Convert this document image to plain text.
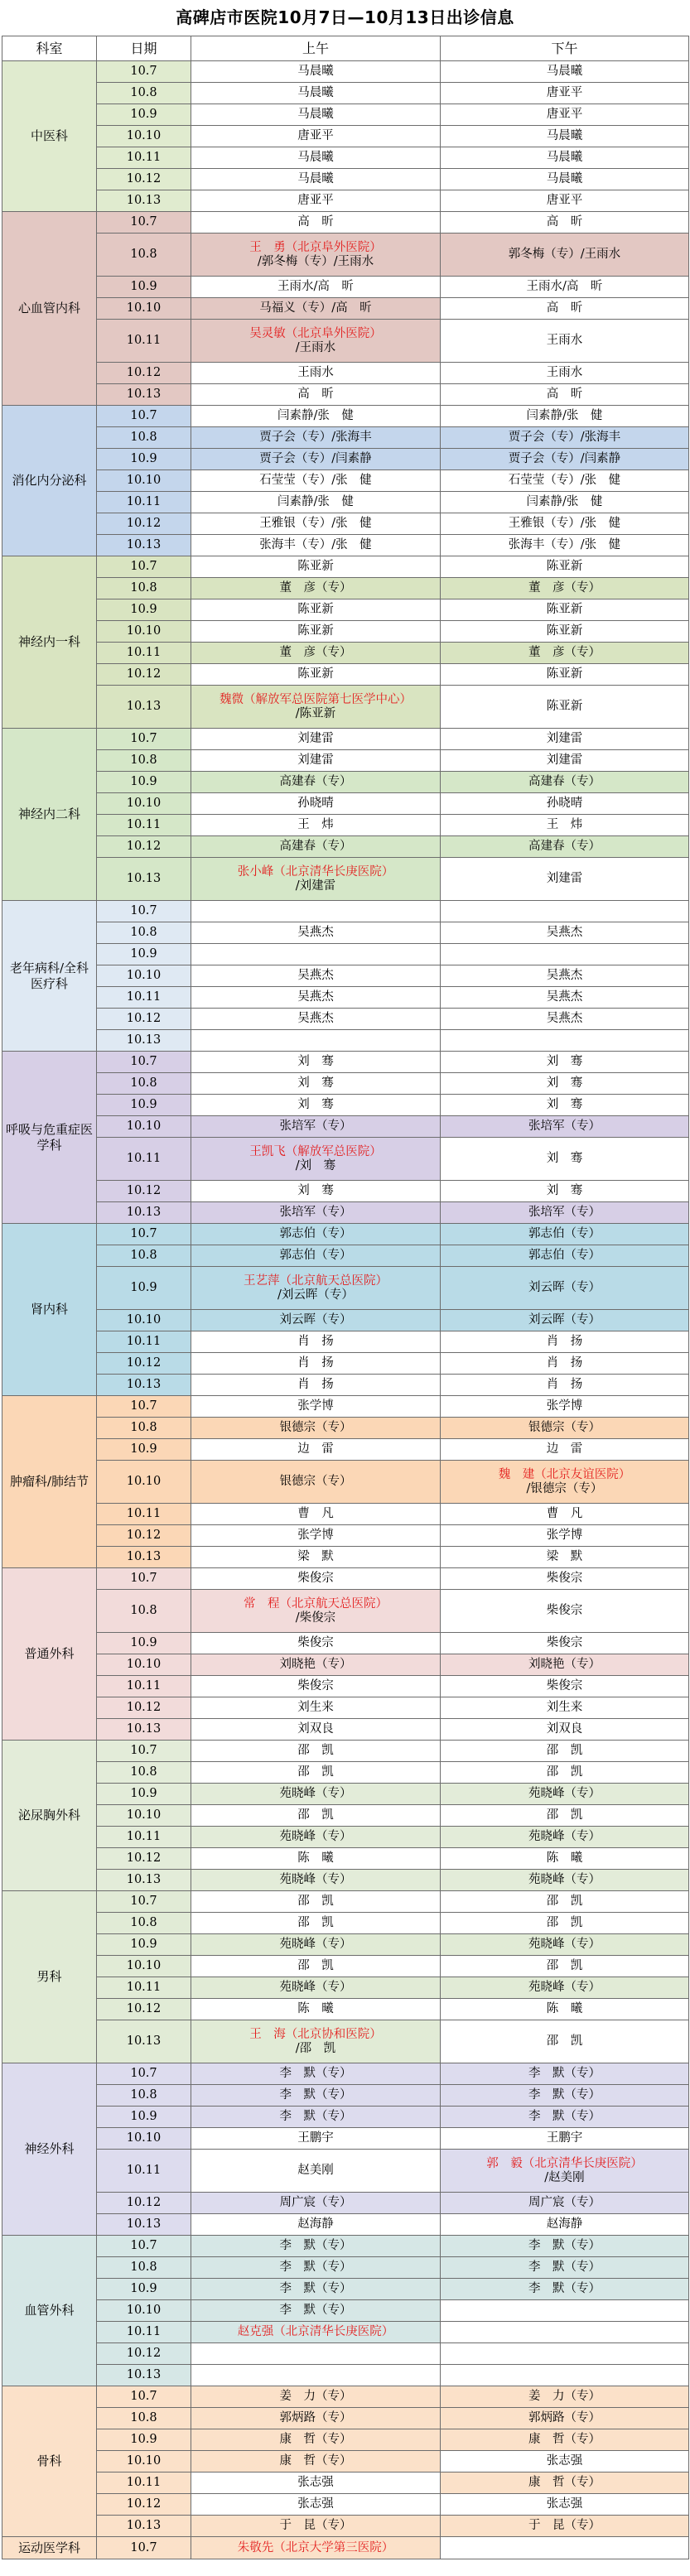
高碑店市医院10月7日—10月13日出诊信息
科室	日期	上午	下午
中医科	10.7	马晨曦	马晨曦

	10.8	马晨曦	唐亚平

	10.9	马晨曦	唐亚平

	10.10	唐亚平	马晨曦

	10.11	马晨曦	马晨曦

	10.12	马晨曦	马晨曦

	10.13	唐亚平	唐亚平

心血管内科	10.7	高　昕	高　昕

	10.8	王　勇（北京阜外医院）
/郭冬梅（专）/王雨水	郭冬梅（专）/王雨水

	10.9	王雨水/高　昕	王雨水/高　昕

	10.10	马福义（专）/高　昕	高　昕

	10.11	吴灵敏（北京阜外医院）
/王雨水	王雨水

	10.12	王雨水	王雨水

	10.13	高　昕	高　昕

消化内分泌科	10.7	闫素静/张　健	闫素静/张　健

	10.8	贾子会（专）/张海丰	贾子会（专）/张海丰

	10.9	贾子会（专）/闫素静	贾子会（专）/闫素静

	10.10	石莹莹（专）/张　健	石莹莹（专）/张　健

	10.11	闫素静/张　健	闫素静/张　健

	10.12	王雅银（专）/张　健	王雅银（专）/张　健

	10.13	张海丰（专）/张　健	张海丰（专）/张　健

神经内一科	10.7	陈亚新	陈亚新

	10.8	董　彦（专）	董　彦（专）

	10.9	陈亚新	陈亚新

	10.10	陈亚新	陈亚新

	10.11	董　彦（专）	董　彦（专）

	10.12	陈亚新	陈亚新

	10.13	魏微（解放军总医院第七医学中心）
/陈亚新	陈亚新

神经内二科	10.7	刘建雷	刘建雷

	10.8	刘建雷	刘建雷

	10.9	高建春（专）	高建春（专）

	10.10	孙晓晴	孙晓晴

	10.11	王　炜	王　炜

	10.12	高建春（专）	高建春（专）

	10.13	张小峰（北京清华长庚医院）
/刘建雷	刘建雷

老年病科/全科医疗科	10.7	

	10.8	吴燕杰	吴燕杰

	10.9	

	10.10	吴燕杰	吴燕杰

	10.11	吴燕杰	吴燕杰

	10.12	吴燕杰	吴燕杰

	10.13	

呼吸与危重症医学科	10.7	刘　骞	刘　骞

	10.8	刘　骞	刘　骞

	10.9	刘　骞	刘　骞

	10.10	张培军（专）	张培军（专）

	10.11	王凯飞（解放军总医院）
/刘　骞	刘　骞

	10.12	刘　骞	刘　骞

	10.13	张培军（专）	张培军（专）

肾内科	10.7	郭志伯（专）	郭志伯（专）

	10.8	郭志伯（专）	郭志伯（专）

	10.9	王艺萍（北京航天总医院）
/刘云晖（专）	刘云晖（专）

	10.10	刘云晖（专）	刘云晖（专）

	10.11	肖　扬	肖　扬

	10.12	肖　扬	肖　扬

	10.13	肖　扬	肖　扬

肿瘤科/肺结节	10.7	张学博	张学博

	10.8	银德宗（专）	银德宗（专）

	10.9	边　雷	边　雷

	10.10	银德宗（专）	魏　建（北京友谊医院）
/银德宗（专）

	10.11	曹　凡	曹　凡

	10.12	张学博	张学博

	10.13	梁　默	梁　默

普通外科	10.7	柴俊宗	柴俊宗

	10.8	常　程（北京航天总医院）
/柴俊宗	柴俊宗

	10.9	柴俊宗	柴俊宗

	10.10	刘晓艳（专）	刘晓艳（专）

	10.11	柴俊宗	柴俊宗

	10.12	刘生来	刘生来

	10.13	刘双良	刘双良

泌尿胸外科	10.7	邵　凯	邵　凯

	10.8	邵　凯	邵　凯

	10.9	苑晓峰（专）	苑晓峰（专）

	10.10	邵　凯	邵　凯

	10.11	苑晓峰（专）	苑晓峰（专）

	10.12	陈　曦	陈　曦

	10.13	苑晓峰（专）	苑晓峰（专）

男科	10.7	邵　凯	邵　凯

	10.8	邵　凯	邵　凯

	10.9	苑晓峰（专）	苑晓峰（专）

	10.10	邵　凯	邵　凯

	10.11	苑晓峰（专）	苑晓峰（专）

	10.12	陈　曦	陈　曦

	10.13	王　海（北京协和医院）
/邵　凯	邵　凯

神经外科	10.7	李　默（专）	李　默（专）

	10.8	李　默（专）	李　默（专）

	10.9	李　默（专）	李　默（专）

	10.10	王鹏宇	王鹏宇

	10.11	赵美刚	郭　毅（北京清华长庚医院）
/赵美刚

	10.12	周广宸（专）	周广宸（专）

	10.13	赵海静	赵海静

血管外科	10.7	李　默（专）	李　默（专）

	10.8	李　默（专）	李　默（专）

	10.9	李　默（专）	李　默（专）

	10.10	李　默（专）	

	10.11	赵克强（北京清华长庚医院）	

	10.12	

	10.13	

骨科	10.7	姜　力（专）	姜　力（专）

	10.8	郭炳路（专）	郭炳路（专）

	10.9	康　哲（专）	康　哲（专）

	10.10	康　哲（专）	张志强

	10.11	张志强	康　哲（专）

	10.12	张志强	张志强

	10.13	于　昆（专）	于　昆（专）

运动医学科	10.7	朱敬先（北京大学第三医院）	
